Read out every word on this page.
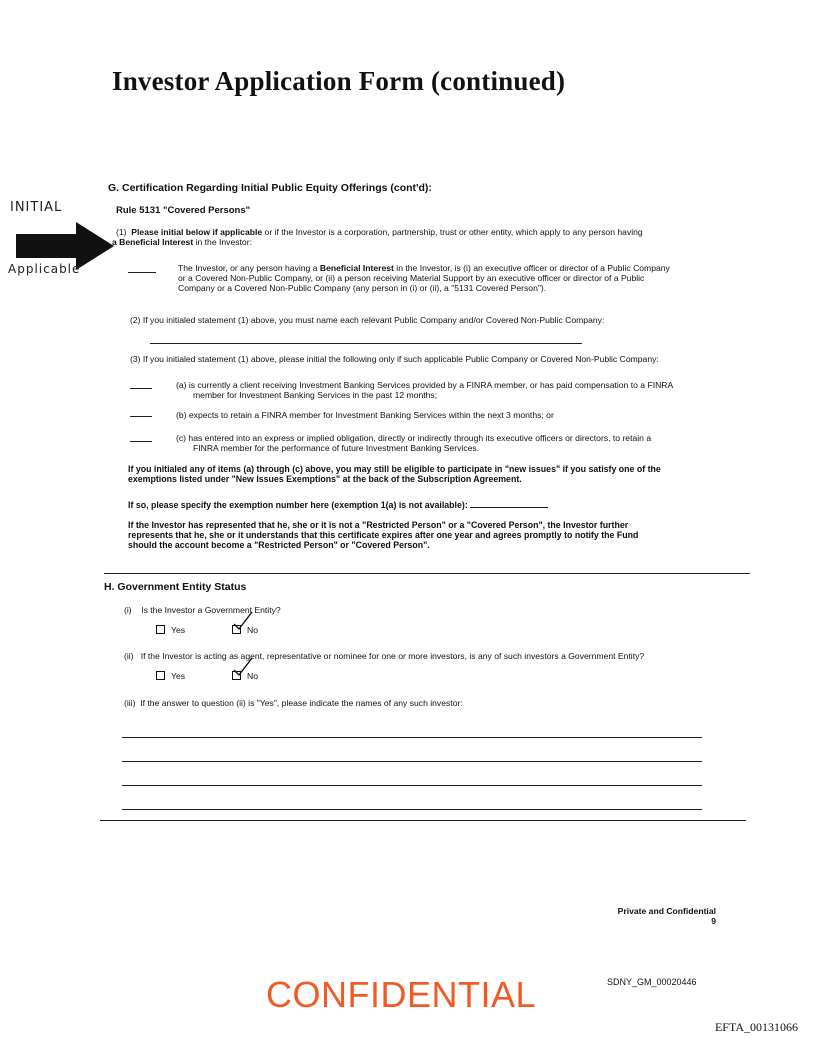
Investor Application Form (continued)
G. Certification Regarding Initial Public Equity Offerings (cont'd):
INITIAL	Rule 5131 "Covered Persons"
(1) Please initial below if applicable or if the Investor is a corporation, partnership, trust or other entity, which apply to any person having
a Beneficial Interest in the Investor:
Applicable	The Investor, or any person having a Beneficial Interest in the Investor, is (i) an executive officer or director of a Public Company
or a Covered Non-Public Company, or (ii) a person receiving Material Support by an executive officer or director of a Public
Company or a Covered Non-Public Company (any person in (i) or (ii), a "5131 Covered Person").
(2) If you initialed statement (1) above, you must name each relevant Public Company and/or Covered Non-Public Company:
(3) If you initialed statement (1) above, please initial the following only if such applicable Public Company or Covered Non-Public Company:
(a) is currently a client receiving Investment Banking Services provided by a FINRA member, or has paid compensation to a FINRA
member for Investment Banking Services in the past 12 months;
(b) expects to retain a FINRA member for Investment Banking Services within the next 3 months; or
(c) has entered into an express or implied obligation, directly or indirectly through its executive officers or directors, to retain a
FINRA member for the performance of future Investment Banking Services.
If you initialed any of items (a) through (c) above, you may still be eligible to participate in "new issues" if you satisfy one of the
exemptions listed under "New Issues Exemptions" at the back of the Subscription Agreement.
If so, please specify the exemption number here (exemption 1(a) is not available):
If the Investor has represented that he, she or it is not a "Restricted Person" or a "Covered Person", the Investor further
represents that he, she or it understands that this certificate expires after one year and agrees promptly to notify the Fund
should the account become a "Restricted Person" or "Covered Person".
H. Government Entity Status
(i) Is the Investor a Government Entity?
Yes	No
(ii) If the Investor is acting as agent, representative or nominee for one or more investors, is any of such investors a Government Entity?
Yes	No
(iii) If the answer to question (ii) is "Yes", please indicate the names of any such investor:
Private and Confidential
9
SDNY_GM_00020446
CONFIDENTIAL
EFTA_00131066
